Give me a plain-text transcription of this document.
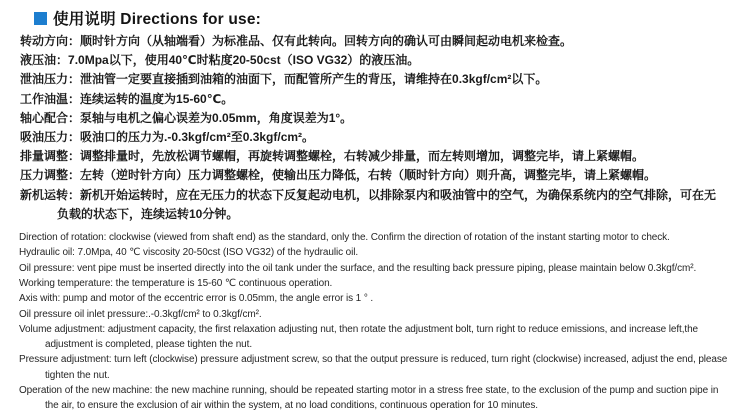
使用说明 Directions for use:
转动方向：顺时针方向（从轴端看）为标准品、仅有此转向。回转方向的确认可由瞬间起动电机来检查。
液压油：7.0Mpa以下，使用40℃时粘度20-50cst（ISO VG32）的液压油。
泄油压力：泄油管一定要直接插到油箱的油面下，而配管所产生的背压，请维持在0.3kgf/cm²以下。
工作油温：连续运转的温度为15-60℃。
轴心配合：泵轴与电机之偏心误差为0.05mm，角度误差为1°。
吸油压力：吸油口的压力为.-0.3kgf/cm²至0.3kgf/cm²。
排量调整：调整排量时，先放松调节螺帽，再旋转调整螺栓，右转减少排量，而左转则增加，调整完毕，请上紧螺帽。
压力调整：左转（逆时针方向）压力调整螺栓，使输出压力降低，右转（顺时针方向）则升高，调整完毕，请上紧螺帽。
新机运转：新机开始运转时，应在无压力的状态下反复起动电机，以排除泵内和吸油管中的空气，为确保系统内的空气排除，可在无负载的状态下，连续运转10分钟。
Direction of rotation: clockwise (viewed from shaft end) as the standard, only the. Confirm the direction of rotation of the instant starting motor to check.
Hydraulic oil: 7.0Mpa, 40 ℃ viscosity 20-50cst (ISO VG32) of the hydraulic oil.
Oil pressure: vent pipe must be inserted directly into the oil tank under the surface, and the resulting back pressure piping, please maintain below 0.3kgf/cm².
Working temperature: the temperature is 15-60 ℃ continuous operation.
Axis with: pump and motor of the eccentric error is 0.05mm, the angle error is 1 ° .
Oil pressure oil inlet pressure:.-0.3kgf/cm² to 0.3kgf/cm².
Volume adjustment: adjustment capacity, the first relaxation adjusting nut, then rotate the adjustment bolt, turn right to reduce emissions, and increase left,the adjustment is completed, please tighten the nut.
Pressure adjustment: turn left (clockwise) pressure adjustment screw, so that the output pressure is reduced, turn right (clockwise) increased, adjust the end, please tighten the nut.
Operation of the new machine: the new machine running, should be repeated starting motor in a stress free state, to the exclusion of the pump and suction pipe in the air, to ensure the exclusion of air within the system, at no load conditions, continuous operation for 10 minutes.
